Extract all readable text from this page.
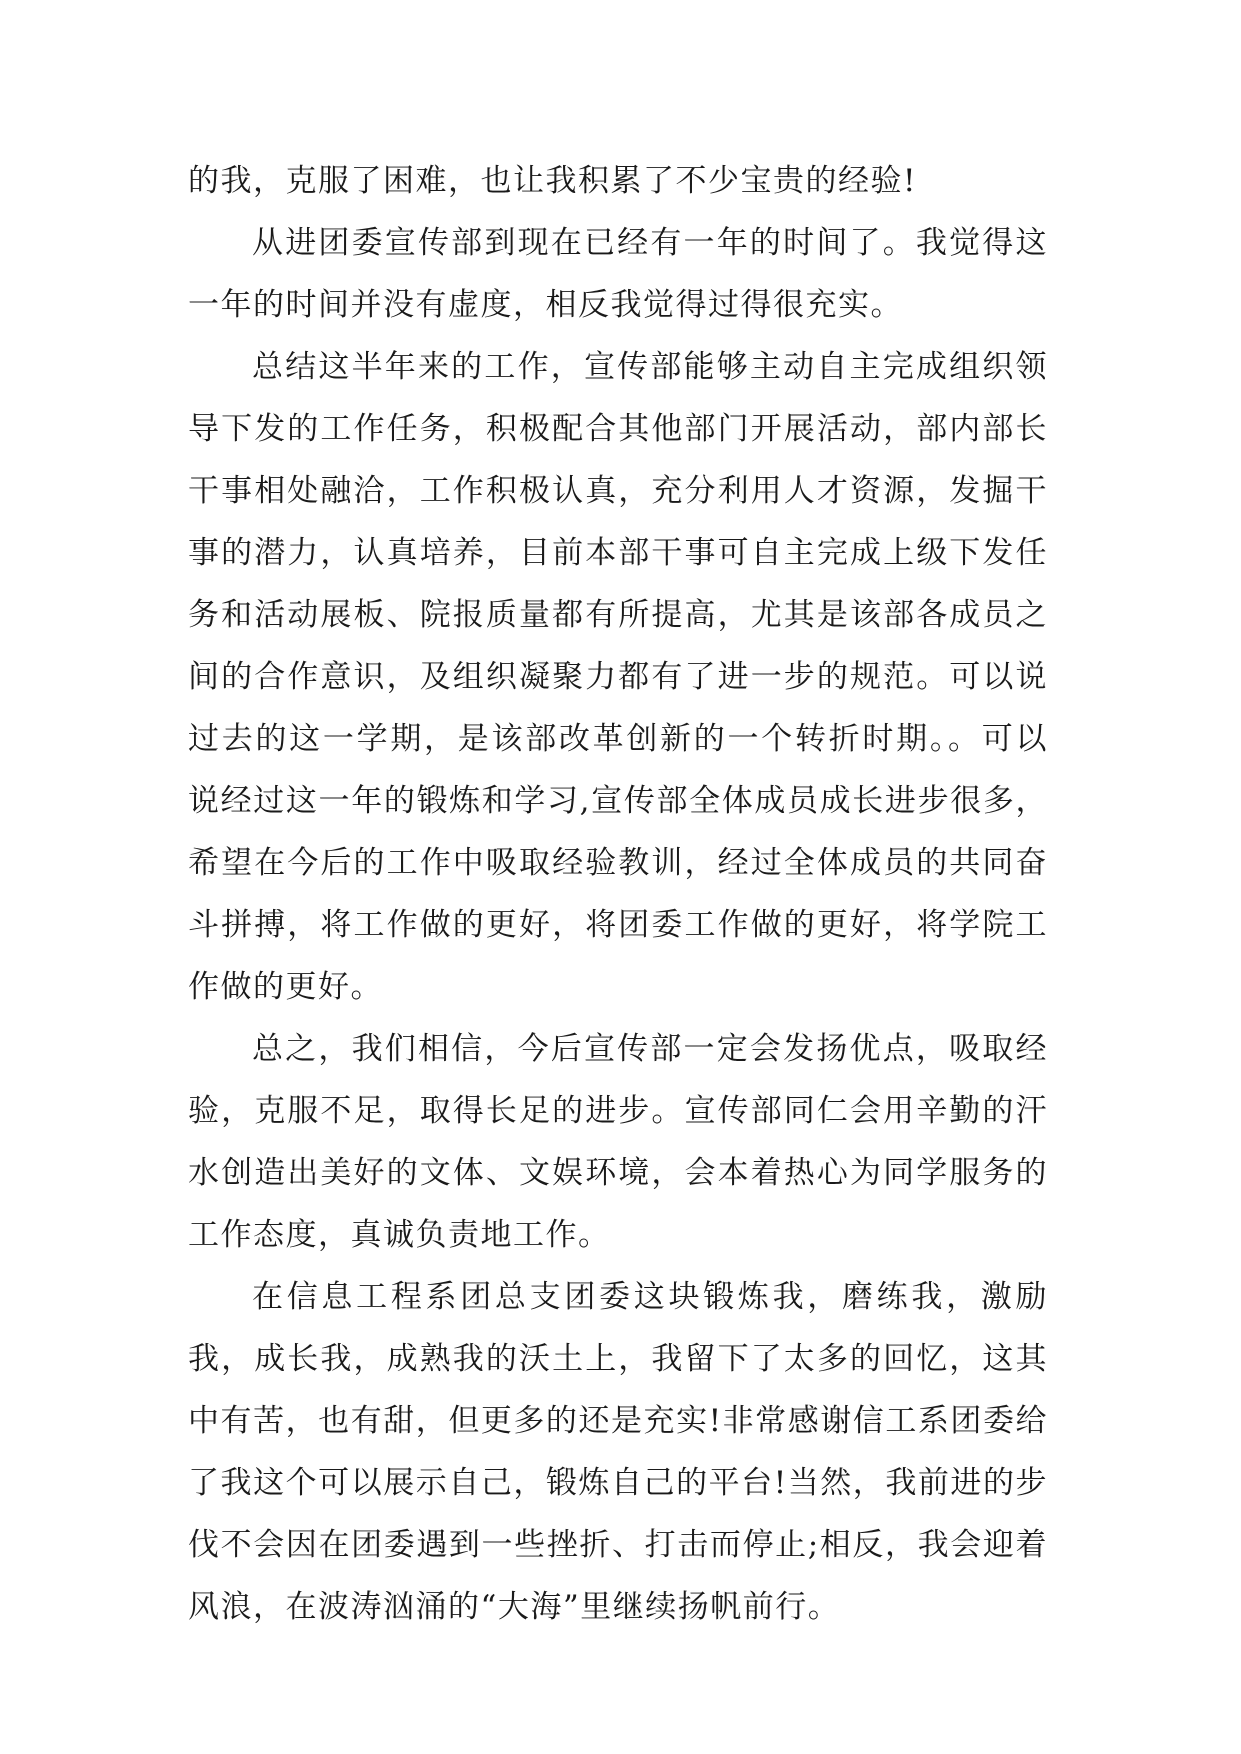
的我，克服了困难，也让我积累了不少宝贵的经验!

从进团委宣传部到现在已经有一年的时间了。我觉得这一年的时间并没有虚度，相反我觉得过得很充实。

总结这半年来的工作，宣传部能够主动自主完成组织领导下发的工作任务，积极配合其他部门开展活动，部内部长干事相处融洽，工作积极认真，充分利用人才资源，发掘干事的潜力，认真培养，目前本部干事可自主完成上级下发任务和活动展板、院报质量都有所提高，尤其是该部各成员之间的合作意识，及组织凝聚力都有了进一步的规范。可以说过去的这一学期，是该部改革创新的一个转折时期。。可以说经过这一年的锻炼和学习,宣传部全体成员成长进步很多，希望在今后的工作中吸取经验教训，经过全体成员的共同奋斗拼搏，将工作做的更好，将团委工作做的更好，将学院工作做的更好。

总之，我们相信，今后宣传部一定会发扬优点，吸取经验，克服不足，取得长足的进步。宣传部同仁会用辛勤的汗水创造出美好的文体、文娱环境，会本着热心为同学服务的工作态度，真诚负责地工作。

在信息工程系团总支团委这块锻炼我，磨练我，激励我，成长我，成熟我的沃土上，我留下了太多的回忆，这其中有苦，也有甜，但更多的还是充实!非常感谢信工系团委给了我这个可以展示自己，锻炼自己的平台!当然，我前进的步伐不会因在团委遇到一些挫折、打击而停止;相反，我会迎着风浪，在波涛汹涌的“大海”里继续扬帆前行。
